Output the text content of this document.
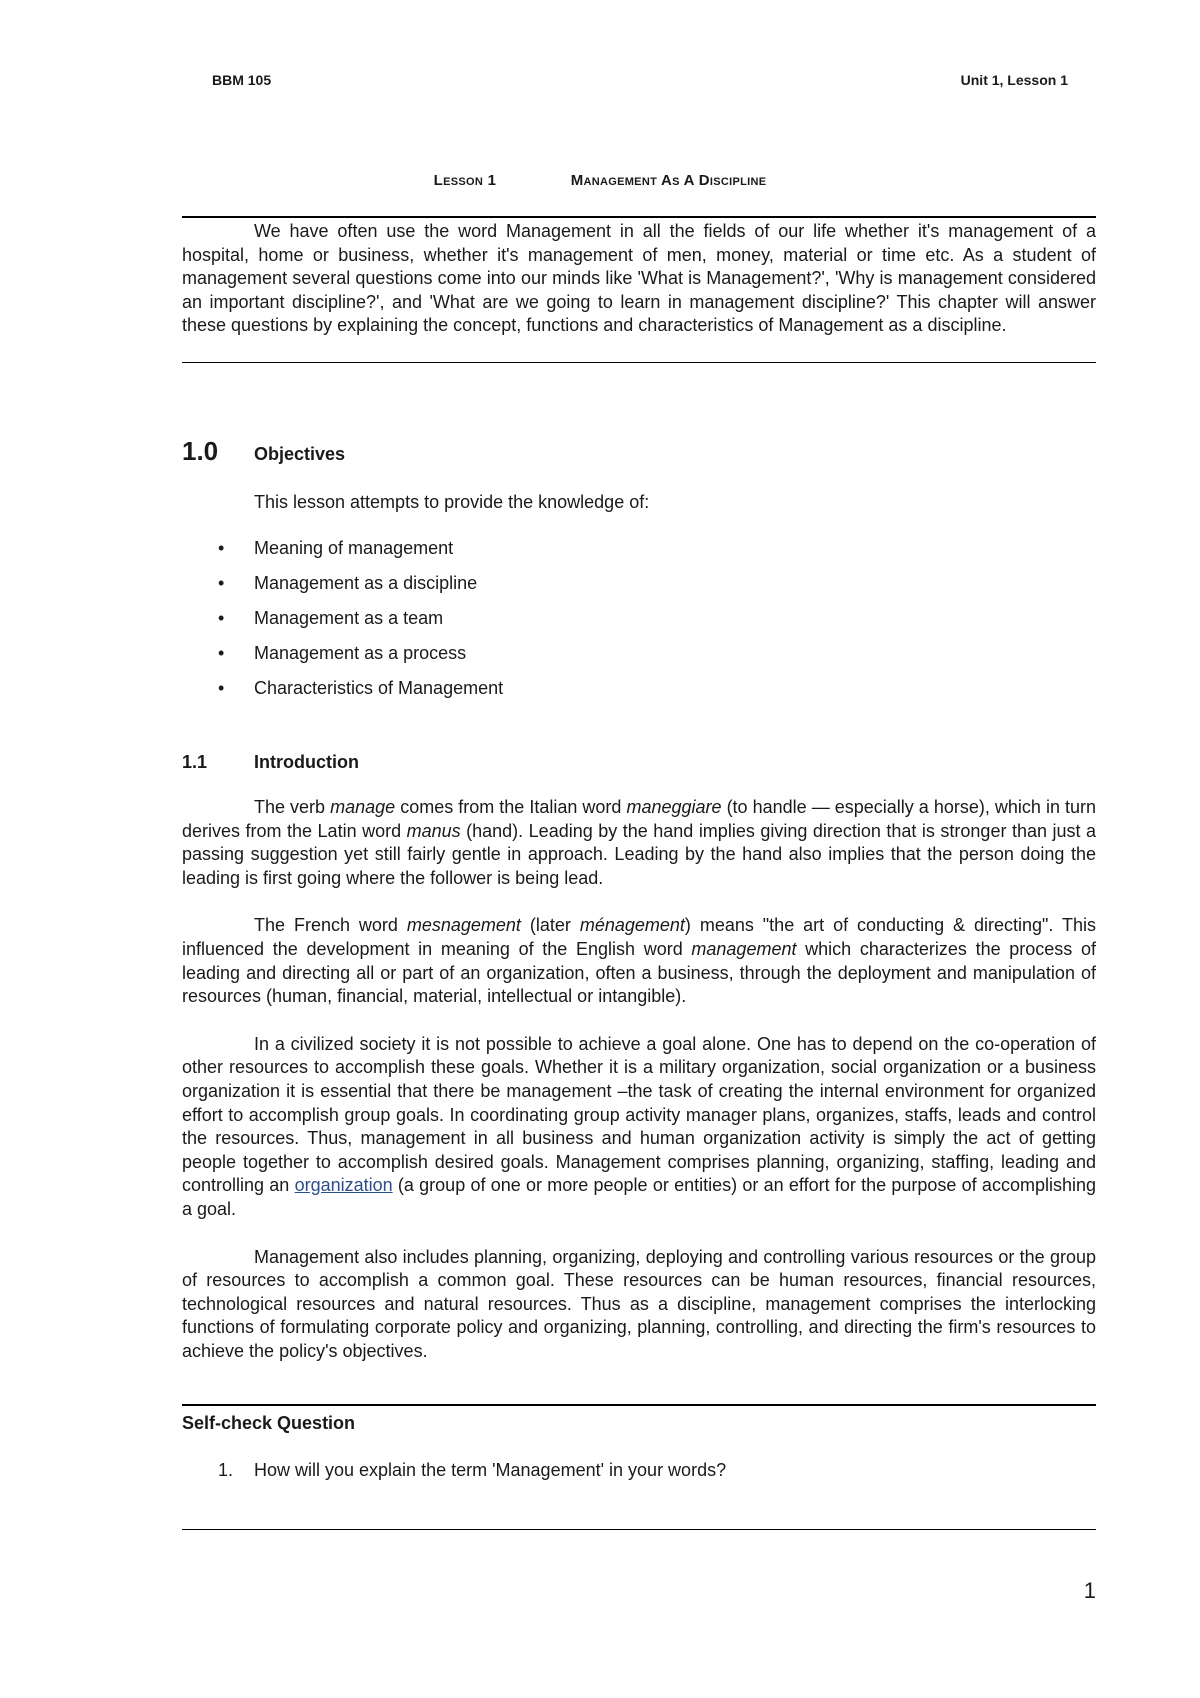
BBM 105	Unit 1, Lesson 1
Lesson 1	Management As A Discipline

We have often use the word Management in all the fields of our life whether it's management of a hospital, home or business, whether it's management of men, money, material or time etc. As a student of management several questions come into our minds like 'What is Management?', 'Why is management considered an important discipline?', and 'What are we going to learn in management discipline?' This chapter will answer these questions by explaining the concept, functions and characteristics of Management as a discipline.

1.0 Objectives
This lesson attempts to provide the knowledge of:
• Meaning of management
• Management as a discipline
• Management as a team
• Management as a process
• Characteristics of Management
1.1	Introduction

The verb manage comes from the Italian word maneggiare (to handle — especially a horse), which in turn derives from the Latin word manus (hand). Leading by the hand implies giving direction that is stronger than just a passing suggestion yet still fairly gentle in approach. Leading by the hand also implies that the person doing the leading is first going where the follower is being lead.

The French word mesnagement (later ménagement) means "the art of conducting & directing". This influenced the development in meaning of the English word management which characterizes the process of leading and directing all or part of an organization, often a business, through the deployment and manipulation of resources (human, financial, material, intellectual or intangible).

In a civilized society it is not possible to achieve a goal alone. One has to depend on the co-operation of other resources to accomplish these goals. Whether it is a military organization, social organization or a business organization it is essential that there be management –the task of creating the internal environment for organized effort to accomplish group goals. In coordinating group activity manager plans, organizes, staffs, leads and control the resources. Thus, management in all business and human organization activity is simply the act of getting people together to accomplish desired goals. Management comprises planning, organizing, staffing, leading and controlling an organization (a group of one or more people or entities) or an effort for the purpose of accomplishing a goal.

Management also includes planning, organizing, deploying and controlling various resources or the group of resources to accomplish a common goal. These resources can be human resources, financial resources, technological resources and natural resources. Thus as a discipline, management comprises the interlocking functions of formulating corporate policy and organizing, planning, controlling, and directing the firm's resources to achieve the policy's objectives.

Self-check Question
1. How will you explain the term 'Management' in your words?
1
